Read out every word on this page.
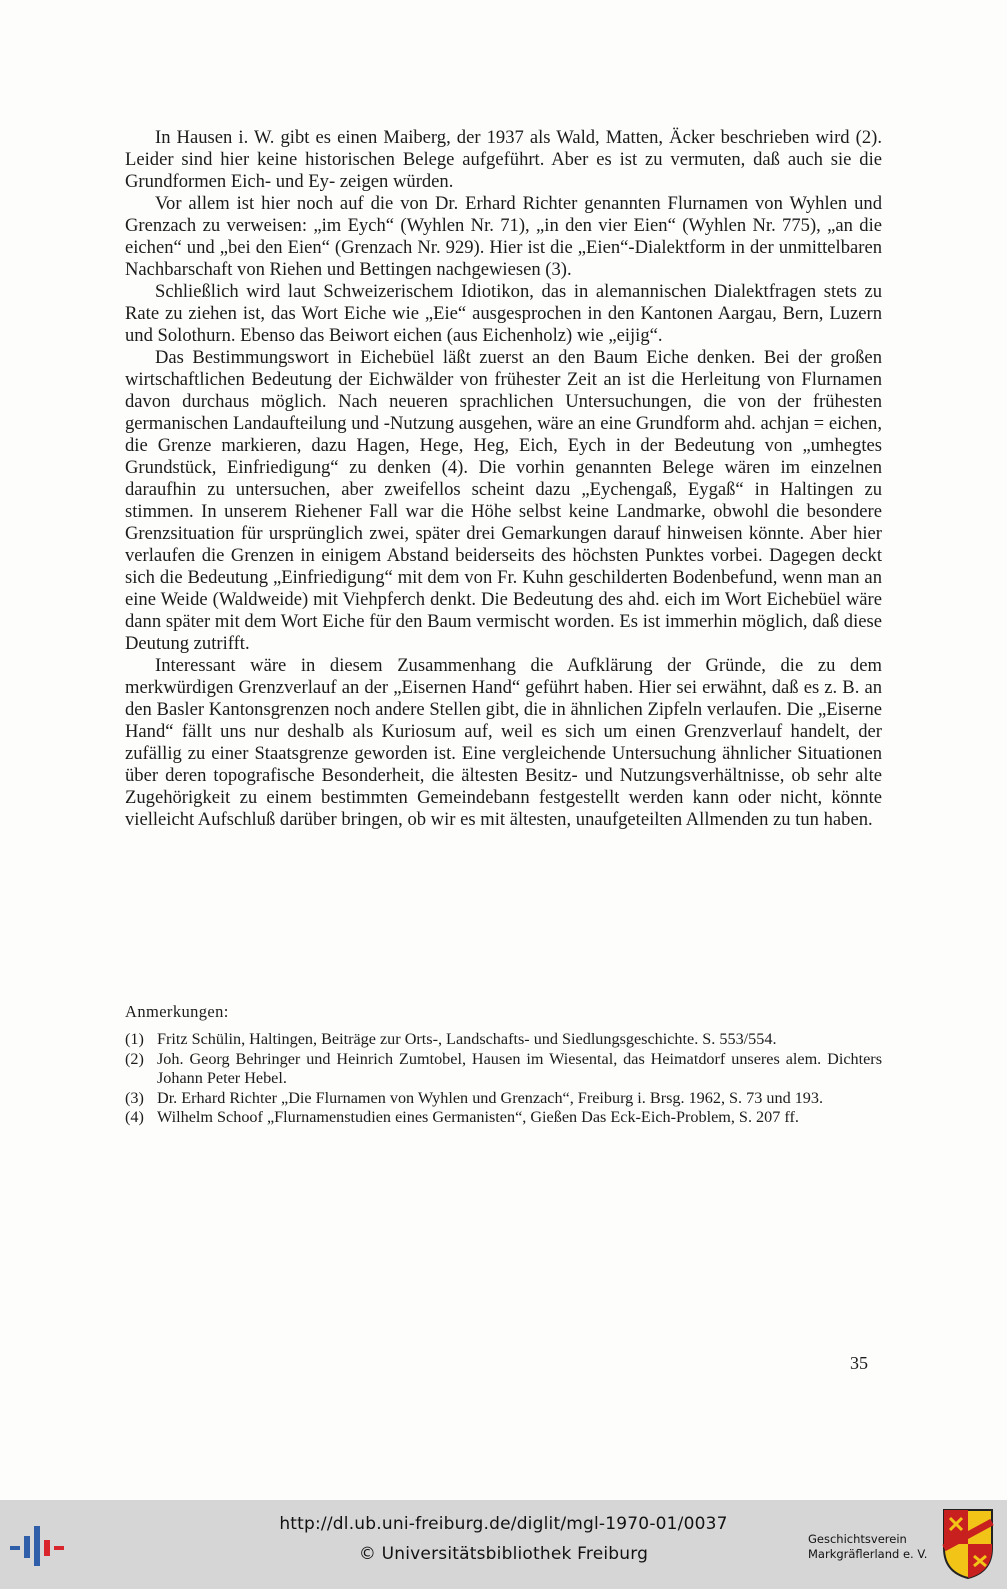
In Hausen i. W. gibt es einen Maiberg, der 1937 als Wald, Matten, Äcker beschrieben wird (2). Leider sind hier keine historischen Belege aufgeführt. Aber es ist zu vermuten, daß auch sie die Grundformen Eich- und Ey- zeigen würden.

Vor allem ist hier noch auf die von Dr. Erhard Richter genannten Flurnamen von Wyhlen und Grenzach zu verweisen: „im Eych“ (Wyhlen Nr. 71), „in den vier Eien“ (Wyhlen Nr. 775), „an die eichen“ und „bei den Eien“ (Grenzach Nr. 929). Hier ist die „Eien“-Dialektform in der unmittelbaren Nachbarschaft von Riehen und Bettingen nachgewiesen (3).

Schließlich wird laut Schweizerischem Idiotikon, das in alemannischen Dialektfragen stets zu Rate zu ziehen ist, das Wort Eiche wie „Eie“ ausgesprochen in den Kantonen Aargau, Bern, Luzern und Solothurn. Ebenso das Beiwort eichen (aus Eichenholz) wie „eijig“.

Das Bestimmungswort in Eichebüel läßt zuerst an den Baum Eiche denken. Bei der großen wirtschaftlichen Bedeutung der Eichwälder von frühester Zeit an ist die Herleitung von Flurnamen davon durchaus möglich. Nach neueren sprachlichen Untersuchungen, die von der frühesten germanischen Landaufteilung und -Nutzung ausgehen, wäre an eine Grundform ahd. achjan = eichen, die Grenze markieren, dazu Hagen, Hege, Heg, Eich, Eych in der Bedeutung von „umhegtes Grundstück, Einfriedigung“ zu denken (4). Die vorhin genannten Belege wären im einzelnen daraufhin zu untersuchen, aber zweifellos scheint dazu „Eychengaß, Eygaß“ in Haltingen zu stimmen. In unserem Riehener Fall war die Höhe selbst keine Landmarke, obwohl die besondere Grenzsituation für ursprünglich zwei, später drei Gemarkungen darauf hinweisen könnte. Aber hier verlaufen die Grenzen in einigem Abstand beiderseits des höchsten Punktes vorbei. Dagegen deckt sich die Bedeutung „Einfriedigung“ mit dem von Fr. Kuhn geschilderten Bodenbefund, wenn man an eine Weide (Waldweide) mit Viehpferch denkt. Die Bedeutung des ahd. eich im Wort Eichebüel wäre dann später mit dem Wort Eiche für den Baum vermischt worden. Es ist immerhin möglich, daß diese Deutung zutrifft.

Interessant wäre in diesem Zusammenhang die Aufklärung der Gründe, die zu dem merkwürdigen Grenzverlauf an der „Eisernen Hand“ geführt haben. Hier sei erwähnt, daß es z. B. an den Basler Kantonsgrenzen noch andere Stellen gibt, die in ähnlichen Zipfeln verlaufen. Die „Eiserne Hand“ fällt uns nur deshalb als Kuriosum auf, weil es sich um einen Grenzverlauf handelt, der zufällig zu einer Staatsgrenze geworden ist. Eine vergleichende Untersuchung ähnlicher Situationen über deren topografische Besonderheit, die ältesten Besitz- und Nutzungsverhältnisse, ob sehr alte Zugehörigkeit zu einem bestimmten Gemeindebann festgestellt werden kann oder nicht, könnte vielleicht Aufschluß darüber bringen, ob wir es mit ältesten, unaufgeteilten Allmenden zu tun haben.

Anmerkungen:
(1) Fritz Schülin, Haltingen, Beiträge zur Orts-, Landschafts- und Siedlungsgeschichte. S. 553/554.
(2) Joh. Georg Behringer und Heinrich Zumtobel, Hausen im Wiesental, das Heimatdorf unseres alem. Dichters Johann Peter Hebel.
(3) Dr. Erhard Richter „Die Flurnamen von Wyhlen und Grenzach“, Freiburg i. Brsg. 1962, S. 73 und 193.
(4) Wilhelm Schoof „Flurnamenstudien eines Germanisten“, Gießen Das Eck-Eich-Problem, S. 207 ff.
35
http://dl.ub.uni-freiburg.de/diglit/mgl-1970-01/0037
© Universitätsbibliothek Freiburg
Geschichtsverein
Markgräflerland e. V.
